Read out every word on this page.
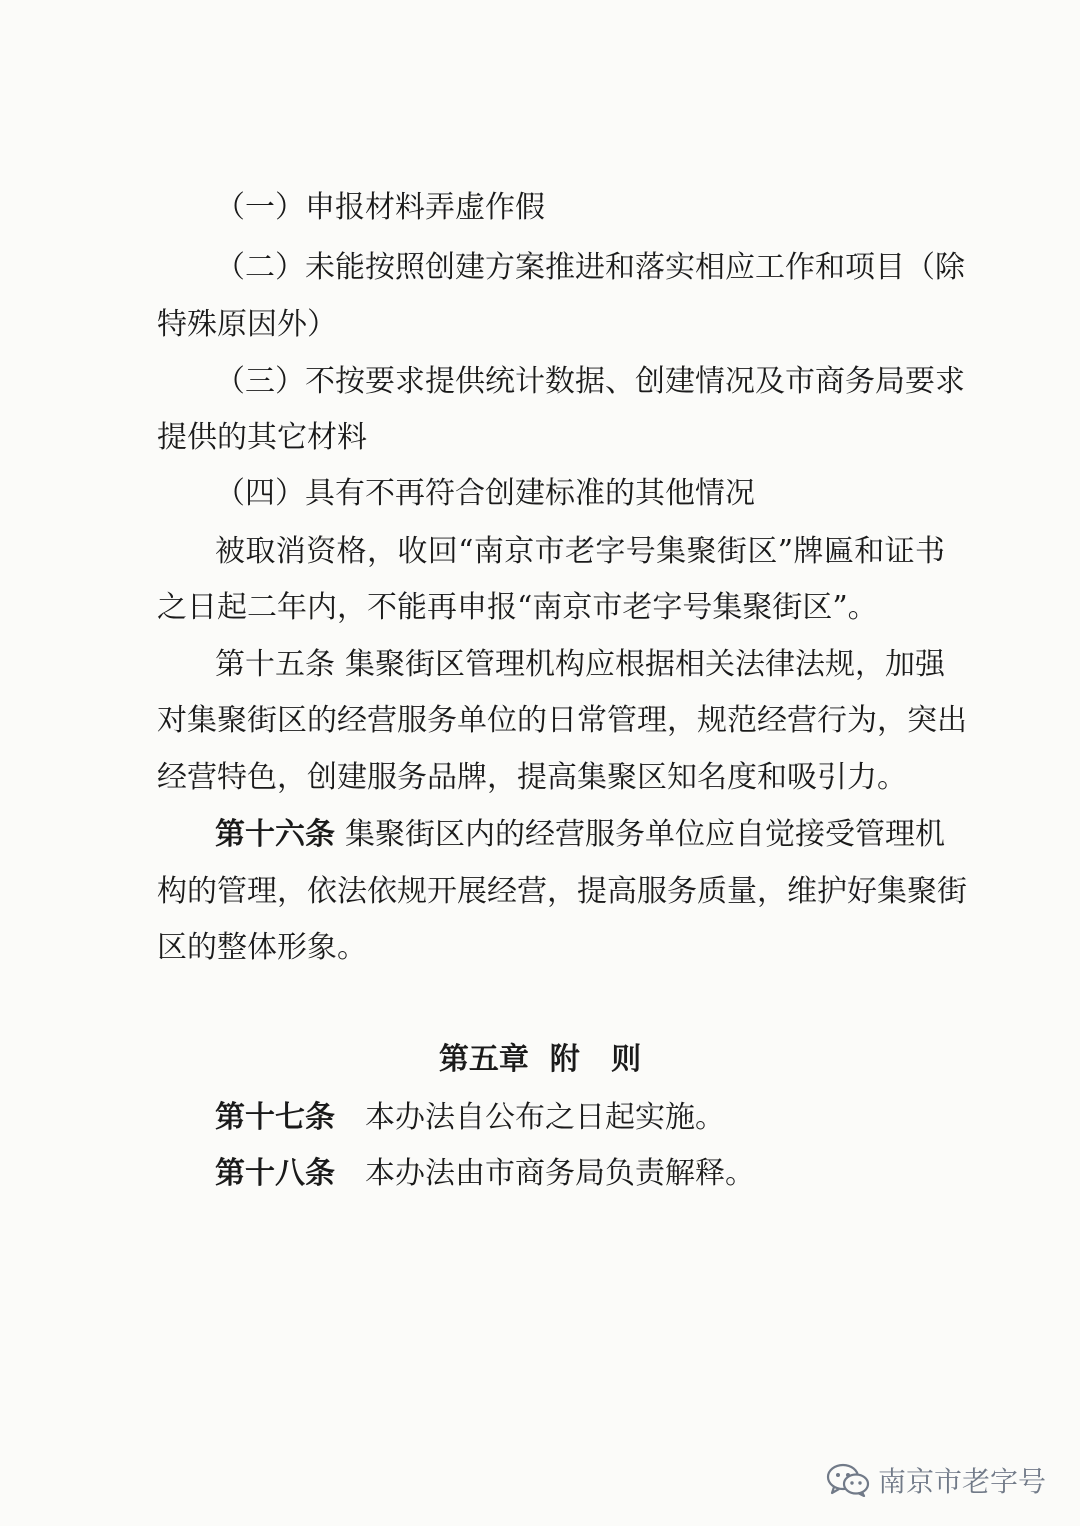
（一）申报材料弄虚作假
（二）未能按照创建方案推进和落实相应工作和项目（除
特殊原因外）
（三）不按要求提供统计数据、创建情况及市商务局要求
提供的其它材料
（四）具有不再符合创建标准的其他情况
被取消资格，收回“南京市老字号集聚街区”牌匾和证书
之日起二年内，不能再申报“南京市老字号集聚街区”。
第十五条 集聚街区管理机构应根据相关法律法规，加强
对集聚街区的经营服务单位的日常管理，规范经营行为，突出
经营特色，创建服务品牌，提高集聚区知名度和吸引力。
第十六条 集聚街区内的经营服务单位应自觉接受管理机
构的管理，依法依规开展经营，提高服务质量，维护好集聚街
区的整体形象。
第五章  附   则
第十七条 本办法自公布之日起实施。
第十八条 本办法由市商务局负责解释。
南京市老字号
